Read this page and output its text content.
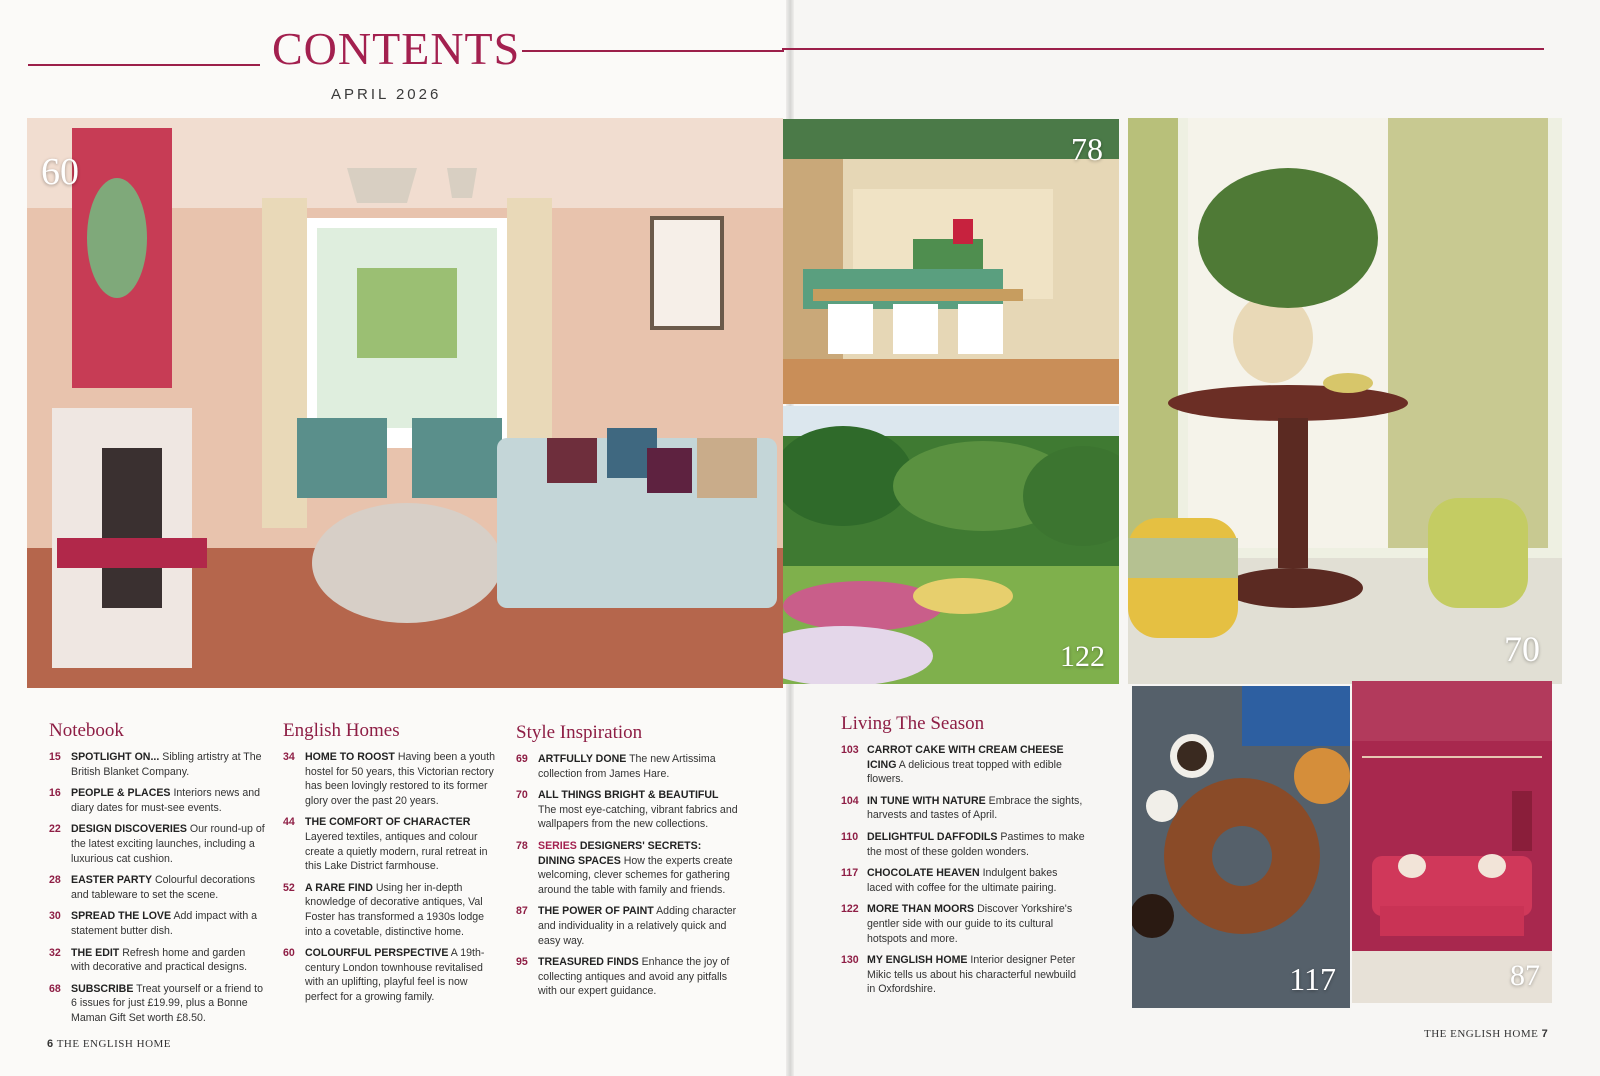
CONTENTS
APRIL 2026
60
78
122	70
117	87
Notebook
15 SPOTLIGHT ON... Sibling artistry at The British Blanket Company.
16 PEOPLE & PLACES Interiors news and diary dates for must-see events.
22 DESIGN DISCOVERIES Our round-up of the latest exciting launches, including a luxurious cat cushion.
28 EASTER PARTY Colourful decorations and tableware to set the scene.
30 SPREAD THE LOVE Add impact with a statement butter dish.
32 THE EDIT Refresh home and garden with decorative and practical designs.
68 SUBSCRIBE Treat yourself or a friend to 6 issues for just £19.99, plus a Bonne Maman Gift Set worth £8.50.
English Homes
34 HOME TO ROOST Having been a youth hostel for 50 years, this Victorian rectory has been lovingly restored to its former glory over the past 20 years.
44 THE COMFORT OF CHARACTER Layered textiles, antiques and colour create a quietly modern, rural retreat in this Lake District farmhouse.
52 A RARE FIND Using her in-depth knowledge of decorative antiques, Val Foster has transformed a 1930s lodge into a covetable, distinctive home.
60 COLOURFUL PERSPECTIVE A 19th-century London townhouse revitalised with an uplifting, playful feel is now perfect for a growing family.
Style Inspiration
69 ARTFULLY DONE The new Artissima collection from James Hare.
70 ALL THINGS BRIGHT & BEAUTIFUL The most eye-catching, vibrant fabrics and wallpapers from the new collections.
78 SERIES DESIGNERS' SECRETS: DINING SPACES How the experts create welcoming, clever schemes for gathering around the table with family and friends.
87 THE POWER OF PAINT Adding character and individuality in a relatively quick and easy way.
95 TREASURED FINDS Enhance the joy of collecting antiques and avoid any pitfalls with our expert guidance.
Living The Season
103 CARROT CAKE WITH CREAM CHEESE ICING A delicious treat topped with edible flowers.
104 IN TUNE WITH NATURE Embrace the sights, harvests and tastes of April.
110 DELIGHTFUL DAFFODILS Pastimes to make the most of these golden wonders.
117 CHOCOLATE HEAVEN Indulgent bakes laced with coffee for the ultimate pairing.
122 MORE THAN MOORS Discover Yorkshire's gentler side with our guide to its cultural hotspots and more.
130 MY ENGLISH HOME Interior designer Peter Mikic tells us about his characterful newbuild in Oxfordshire.
6 THE ENGLISH HOME
THE ENGLISH HOME 7
